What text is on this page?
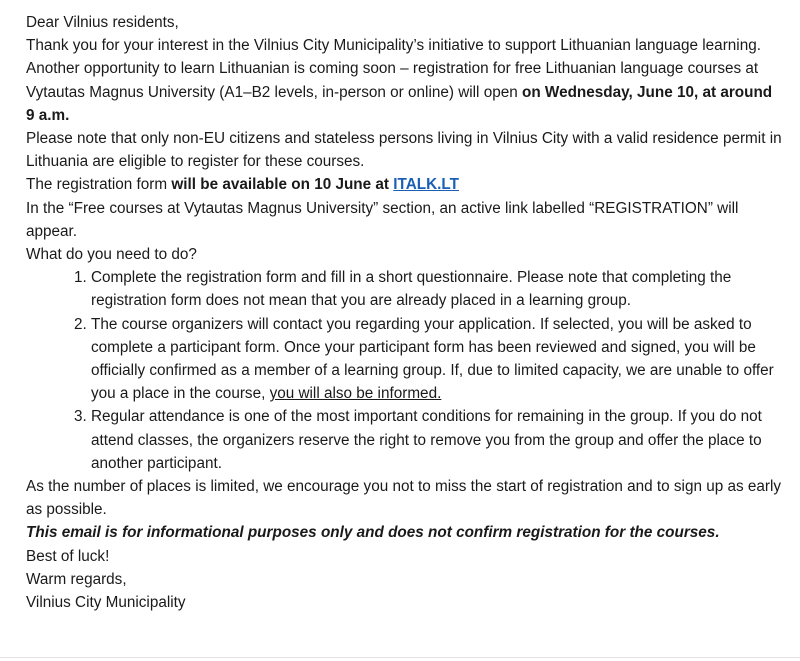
Dear Vilnius residents,

Thank you for your interest in the Vilnius City Municipality’s initiative to support Lithuanian language learning.

Another opportunity to learn Lithuanian is coming soon – registration for free Lithuanian language courses at Vytautas Magnus University (A1–B2 levels, in-person or online) will open on Wednesday, June 10, at around 9 a.m.

Please note that only non-EU citizens and stateless persons living in Vilnius City with a valid residence permit in Lithuania are eligible to register for these courses.

The registration form will be available on 10 June at ITALK.LT

In the “Free courses at Vytautas Magnus University” section, an active link labelled “REGISTRATION” will appear.

What do you need to do?

1. Complete the registration form and fill in a short questionnaire. Please note that completing the registration form does not mean that you are already placed in a learning group.
2. The course organizers will contact you regarding your application. If selected, you will be asked to complete a participant form. Once your participant form has been reviewed and signed, you will be officially confirmed as a member of a learning group. If, due to limited capacity, we are unable to offer you a place in the course, you will also be informed.
3. Regular attendance is one of the most important conditions for remaining in the group. If you do not attend classes, the organizers reserve the right to remove you from the group and offer the place to another participant.

As the number of places is limited, we encourage you not to miss the start of registration and to sign up as early as possible.

This email is for informational purposes only and does not confirm registration for the courses.

Best of luck!

Warm regards,

Vilnius City Municipality
